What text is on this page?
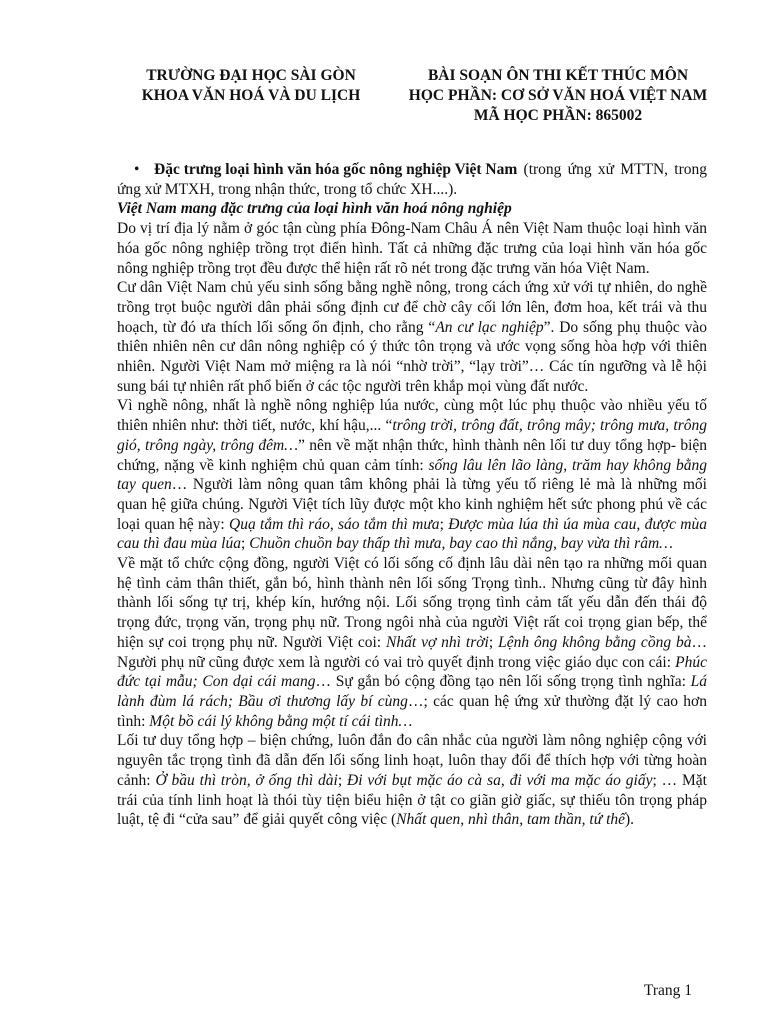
TRƯỜNG ĐẠI HỌC SÀI GÒN
KHOA VĂN HOÁ VÀ DU LỊCH
BÀI SOẠN ÔN THI KẾT THÚC MÔN
HỌC PHẦN: CƠ SỞ VĂN HOÁ VIỆT NAM
MÃ HỌC PHẦN: 865002

• Đặc trưng loại hình văn hóa gốc nông nghiệp Việt Nam (trong ứng xử MTTN, trong ứng xử MTXH, trong nhận thức, trong tổ chức XH....).

Việt Nam mang đặc trưng của loại hình văn hoá nông nghiệp

Do vị trí địa lý nằm ở góc tận cùng phía Đông-Nam Châu Á nên Việt Nam thuộc loại hình văn hóa gốc nông nghiệp trồng trọt điển hình. Tất cả những đặc trưng của loại hình văn hóa gốc nông nghiệp trồng trọt đều được thể hiện rất rõ nét trong đặc trưng văn hóa Việt Nam.

Cư dân Việt Nam chủ yếu sinh sống bằng nghề nông, trong cách ứng xử với tự nhiên, do nghề trồng trọt buộc người dân phải sống định cư để chờ cây cối lớn lên, đơm hoa, kết trái và thu hoạch, từ đó ưa thích lối sống ổn định, cho rằng “An cư lạc nghiệp”. Do sống phụ thuộc vào thiên nhiên nên cư dân nông nghiệp có ý thức tôn trọng và ước vọng sống hòa hợp với thiên nhiên. Người Việt Nam mở miệng ra là nói “nhờ trời”, “lạy trời”… Các tín ngưỡng và lễ hội sung bái tự nhiên rất phổ biến ở các tộc người trên khắp mọi vùng đất nước.

Vì nghề nông, nhất là nghề nông nghiệp lúa nước, cùng một lúc phụ thuộc vào nhiều yếu tố thiên nhiên như: thời tiết, nước, khí hậu,... “trông trời, trông đất, trông mây; trông mưa, trông gió, trông ngày, trông đêm…” nên về mặt nhận thức, hình thành nên lối tư duy tổng hợp- biện chứng, nặng về kinh nghiệm chủ quan cảm tính: sống lâu lên lão làng, trăm hay không bằng tay quen… Người làm nông quan tâm không phải là từng yếu tố riêng lẻ mà là những mối quan hệ giữa chúng. Người Việt tích lũy được một kho kinh nghiệm hết sức phong phú về các loại quan hệ này: Quạ tắm thì ráo, sáo tắm thì mưa; Được mùa lúa thì úa mùa cau, được mùa cau thì đau mùa lúa; Chuồn chuồn bay thấp thì mưa, bay cao thì nắng, bay vừa thì râm…

Về mặt tổ chức cộng đồng, người Việt có lối sống cố định lâu dài nên tạo ra những mối quan hệ tình cảm thân thiết, gắn bó, hình thành nên lối sống Trọng tình.. Nhưng cũng từ đây hình thành lối sống tự trị, khép kín, hướng nội. Lối sống trọng tình cảm tất yếu dẫn đến thái độ trọng đức, trọng văn, trọng phụ nữ. Trong ngôi nhà của người Việt rất coi trọng gian bếp, thể hiện sự coi trọng phụ nữ. Người Việt coi: Nhất vợ nhì trời; Lệnh ông không bằng cồng bà… Người phụ nữ cũng được xem là người có vai trò quyết định trong việc giáo dục con cái: Phúc đức tại mẫu; Con dại cái mang… Sự gắn bó cộng đồng tạo nên lối sống trọng tình nghĩa: Lá lành đùm lá rách; Bầu ơi thương lấy bí cùng…; các quan hệ ứng xử thường đặt lý cao hơn tình: Một bồ cái lý không bằng một tí cái tình…

Lối tư duy tổng hợp – biện chứng, luôn đắn đo cân nhắc của người làm nông nghiệp cộng với nguyên tắc trọng tình đã dẫn đến lối sống linh hoạt, luôn thay đổi để thích hợp với từng hoàn cảnh: Ở bầu thì tròn, ở ống thì dài; Đi với bụt mặc áo cà sa, đi với ma mặc áo giấy; … Mặt trái của tính linh hoạt là thói tùy tiện biểu hiện ở tật co giãn giờ giấc, sự thiếu tôn trọng pháp luật, tệ đi “cửa sau” để giải quyết công việc (Nhất quen, nhì thân, tam thần, tứ thế).

Trang 1
